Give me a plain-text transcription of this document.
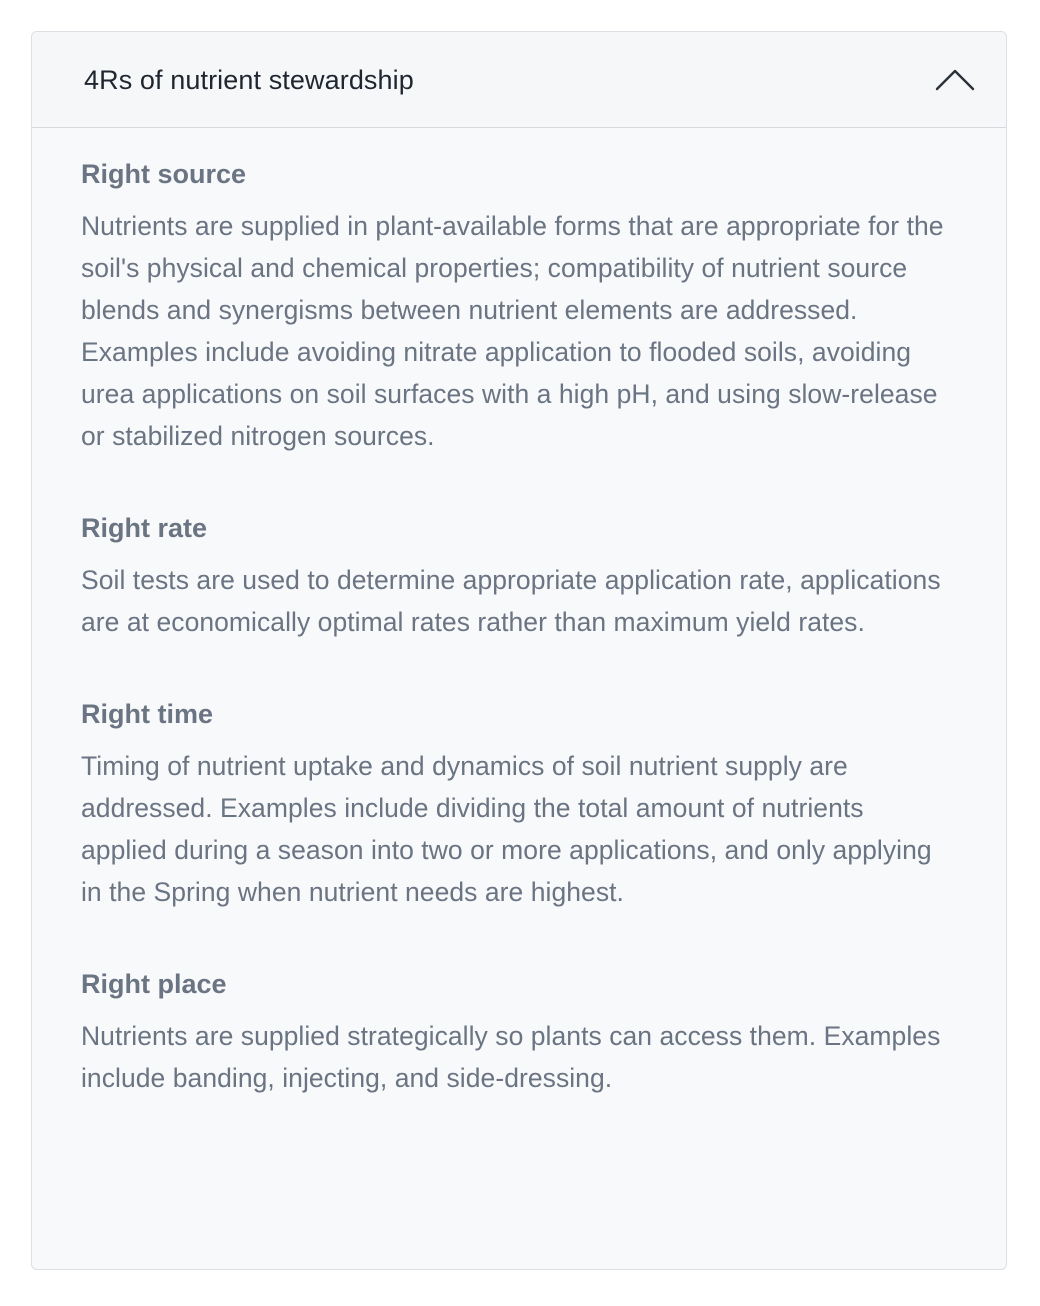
4Rs of nutrient stewardship
Right source

Nutrients are supplied in plant-available forms that are appropriate for the soil's physical and chemical properties; compatibility of nutrient source blends and synergisms between nutrient elements are addressed. Examples include avoiding nitrate application to flooded soils, avoiding urea applications on soil surfaces with a high pH, and using slow-release or stabilized nitrogen sources.

Right rate

Soil tests are used to determine appropriate application rate, applications are at economically optimal rates rather than maximum yield rates.

Right time

Timing of nutrient uptake and dynamics of soil nutrient supply are addressed. Examples include dividing the total amount of nutrients applied during a season into two or more applications, and only applying in the Spring when nutrient needs are highest.

Right place

Nutrients are supplied strategically so plants can access them. Examples include banding, injecting, and side-dressing.
